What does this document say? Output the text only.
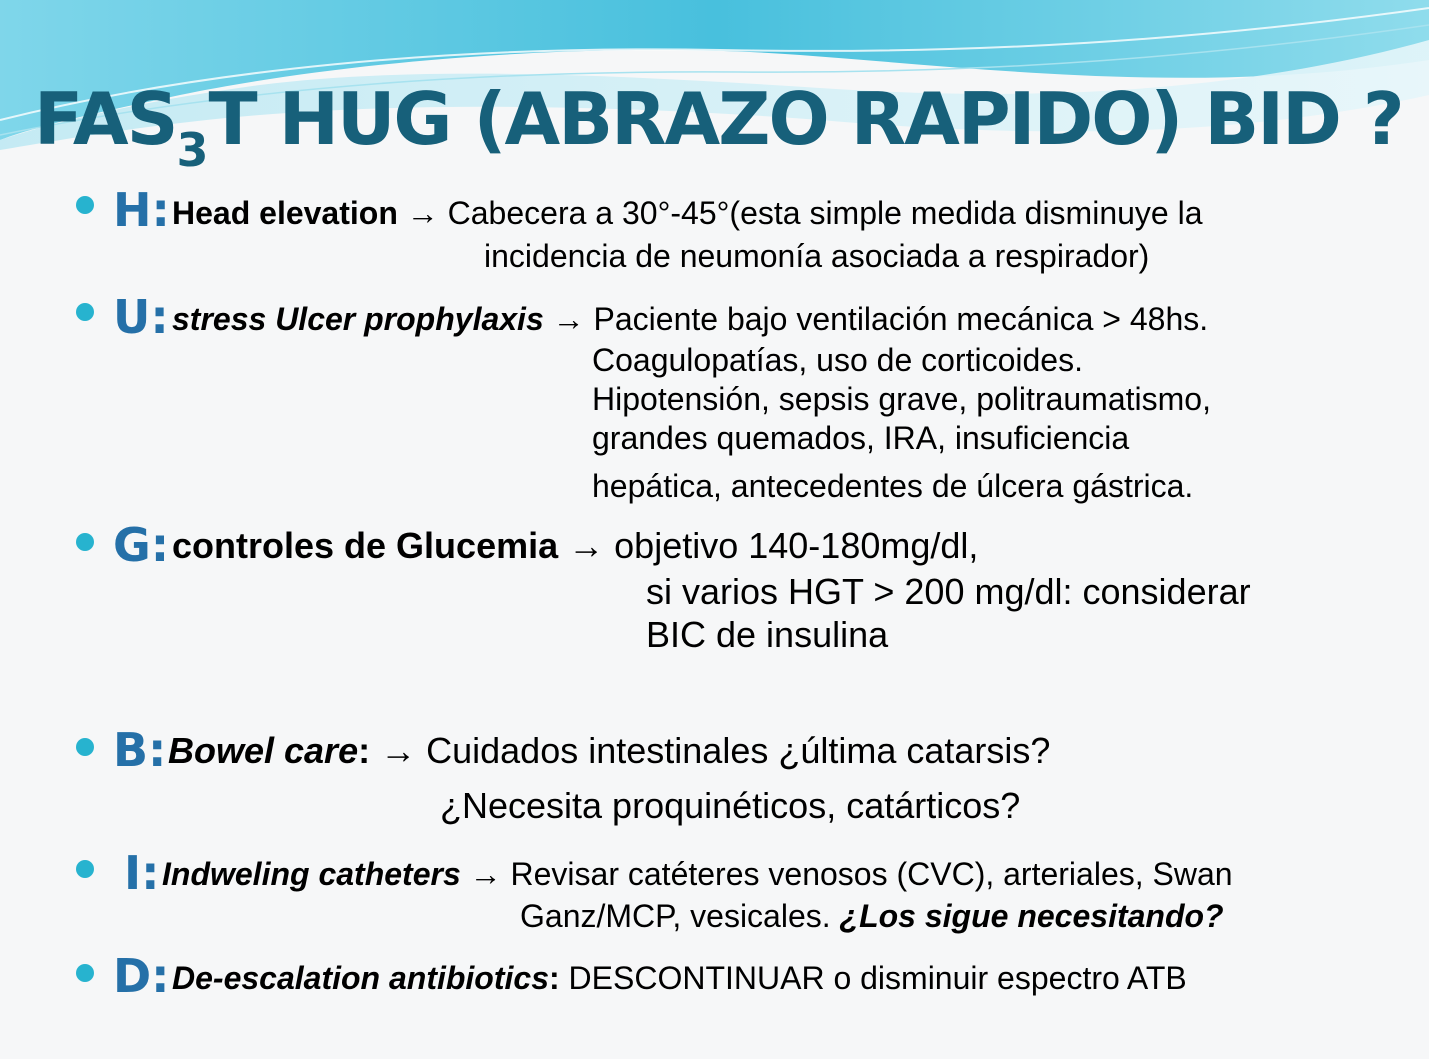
$FAS_3T$ HUG (ABRAZO RAPIDO) BID ?
H: Head elevation → Cabecera a 30°-45°(esta simple medida disminuye la
incidencia de neumonía asociada a respirador)
U: stress Ulcer prophylaxis → Paciente bajo ventilación mecánica > 48hs.
Coagulopatías, uso de corticoides.
Hipotensión, sepsis grave, politraumatismo,
grandes quemados, IRA, insuficiencia
hepática, antecedentes de úlcera gástrica.
G: controles de Glucemia → objetivo 140-180mg/dl,
si varios HGT > 200 mg/dl: considerar
BIC de insulina
B: Bowel care: → Cuidados intestinales ¿última catarsis?
¿Necesita proquinéticos, catárticos?
I: Indweling catheters → Revisar catéteres venosos (CVC), arteriales, Swan
Ganz/MCP, vesicales. ¿Los sigue necesitando?
D: De-escalation antibiotics: DESCONTINUAR o disminuir espectro ATB
